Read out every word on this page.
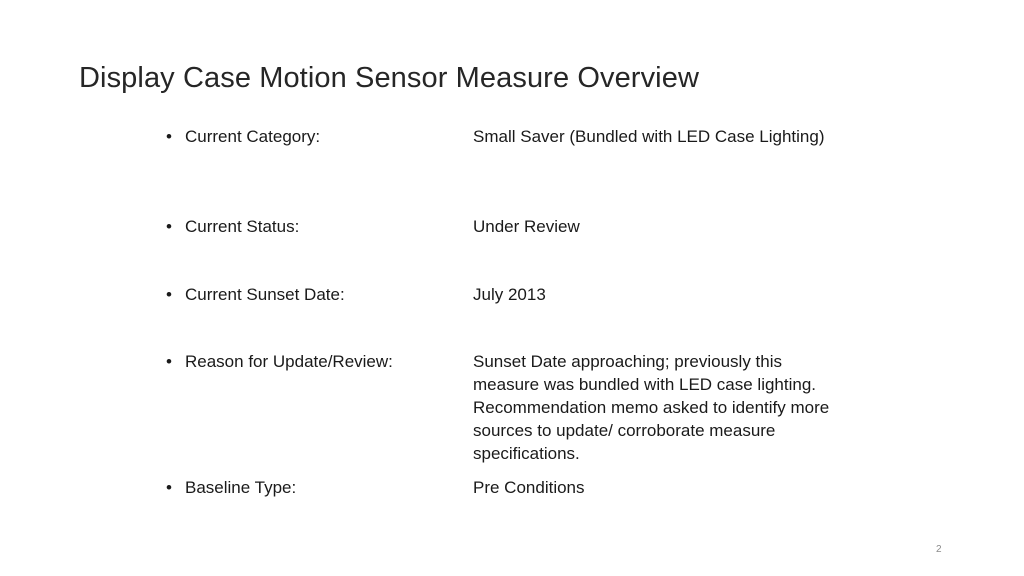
Display Case Motion Sensor Measure Overview
• Current Category:	Small Saver (Bundled with LED Case Lighting)
• Current Status:	Under Review
• Current Sunset Date:	July 2013
• Reason for Update/Review:	Sunset Date approaching; previously this measure was bundled with LED case lighting. Recommendation memo asked to identify more sources to update/ corroborate measure specifications.
• Baseline Type:	Pre Conditions
2
